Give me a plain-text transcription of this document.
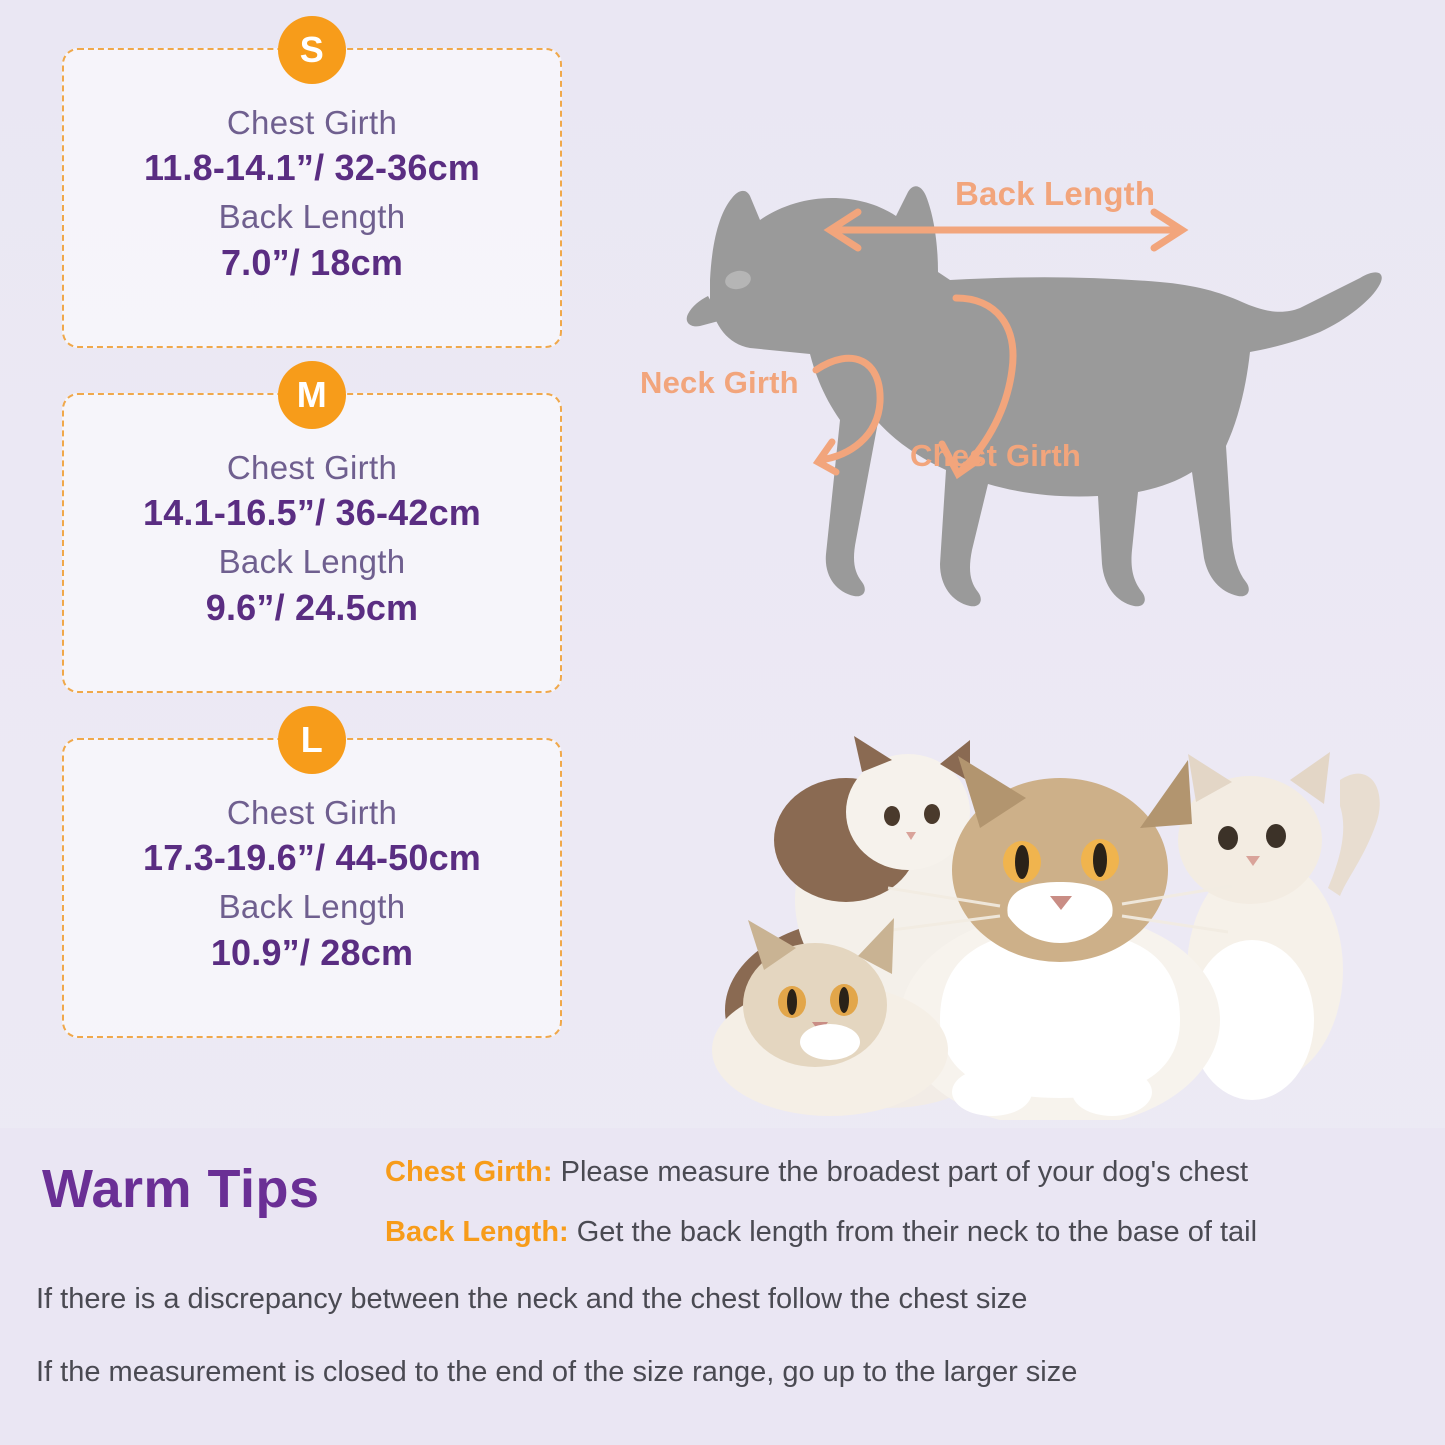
S
Chest Girth
11.8-14.1”/ 32-36cm
Back Length
7.0”/ 18cm
M
Chest Girth
14.1-16.5”/ 36-42cm
Back Length
9.6”/ 24.5cm
L
Chest Girth
17.3-19.6”/ 44-50cm
Back Length
10.9”/ 28cm
Back Length
Neck Girth
Chest Girth
Warm Tips Chest Girth: Please measure the broadest part of your dog's chest
Back Length: Get the back length from their neck to the base of tail
If there is a discrepancy between the neck and the chest follow the chest size
If the measurement is closed to the end of the size range, go up to the larger size
